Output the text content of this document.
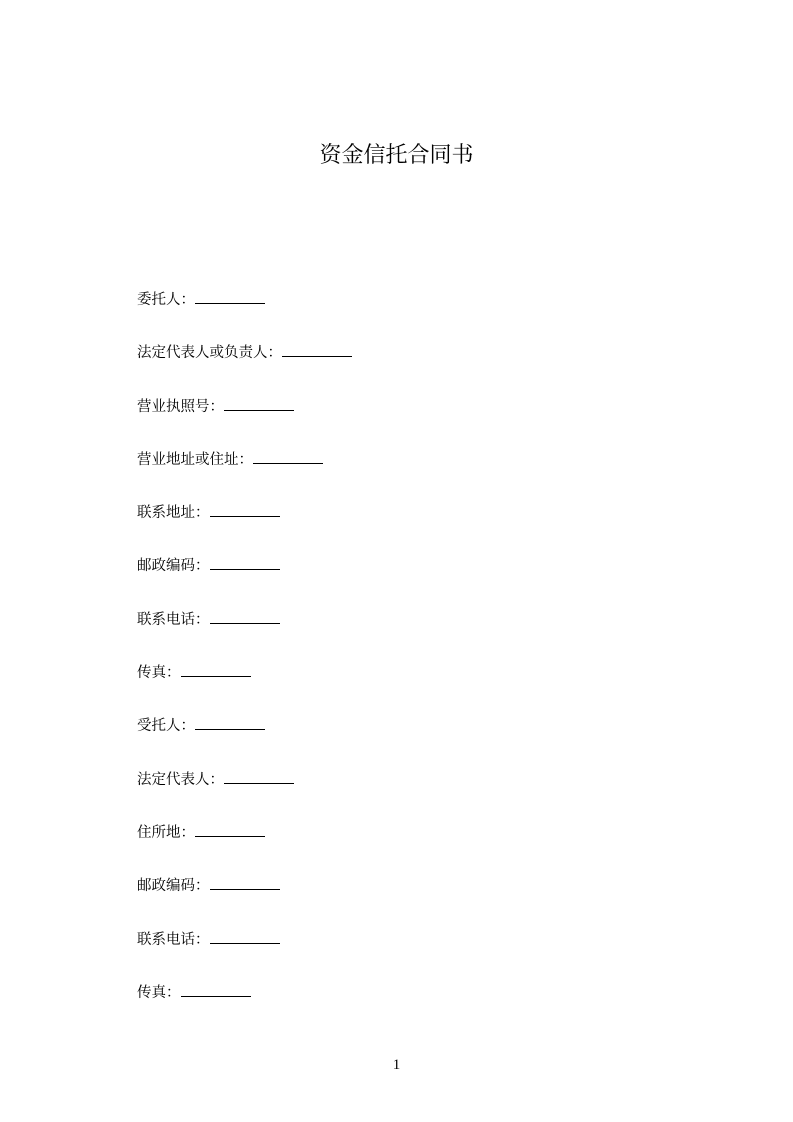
资金信托合同书
委托人：
法定代表人或负责人：
营业执照号：
营业地址或住址：
联系地址：
邮政编码：
联系电话：
传真：
受托人：
法定代表人：
住所地：
邮政编码：
联系电话：
传真：
1
